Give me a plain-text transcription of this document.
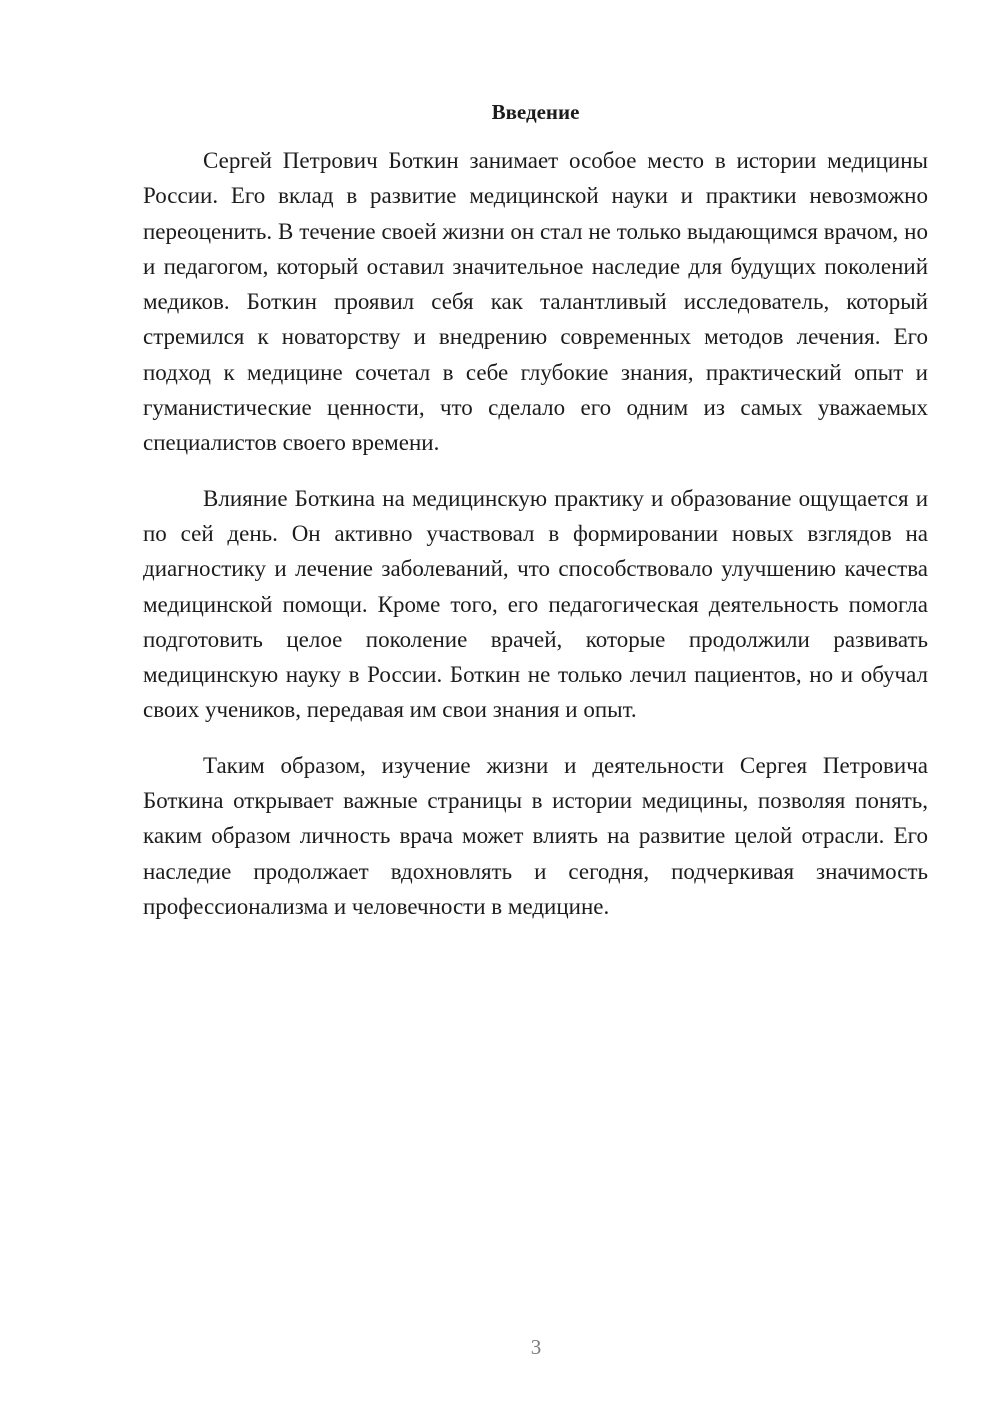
Введение

Сергей Петрович Боткин занимает особое место в истории медицины России. Его вклад в развитие медицинской науки и практики невозможно переоценить. В течение своей жизни он стал не только выдающимся врачом, но и педагогом, который оставил значительное наследие для будущих поколений медиков. Боткин проявил себя как талантливый исследователь, который стремился к новаторству и внедрению современных методов лечения. Его подход к медицине сочетал в себе глубокие знания, практический опыт и гуманистические ценности, что сделало его одним из самых уважаемых специалистов своего времени.

Влияние Боткина на медицинскую практику и образование ощущается и по сей день. Он активно участвовал в формировании новых взглядов на диагностику и лечение заболеваний, что способствовало улучшению качества медицинской помощи. Кроме того, его педагогическая деятельность помогла подготовить целое поколение врачей, которые продолжили развивать медицинскую науку в России. Боткин не только лечил пациентов, но и обучал своих учеников, передавая им свои знания и опыт.

Таким образом, изучение жизни и деятельности Сергея Петровича Боткина открывает важные страницы в истории медицины, позволяя понять, каким образом личность врача может влиять на развитие целой отрасли. Его наследие продолжает вдохновлять и сегодня, подчеркивая значимость профессионализма и человечности в медицине.

3
